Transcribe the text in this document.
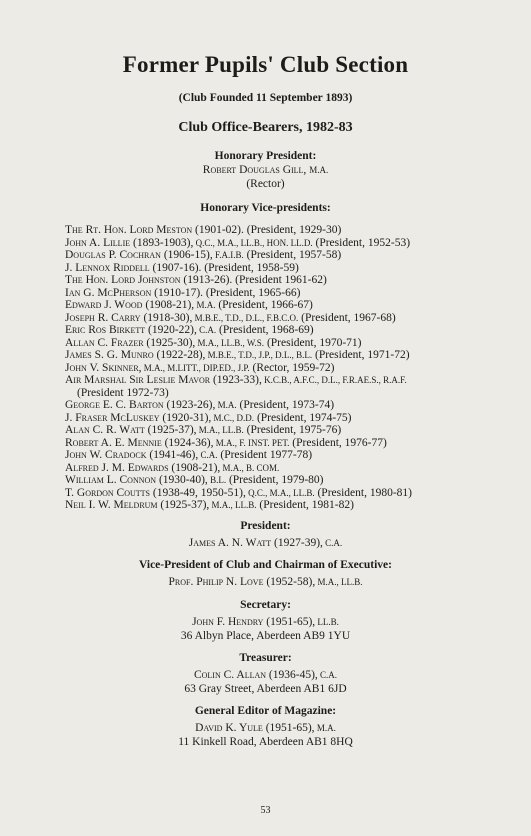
Former Pupils' Club Section
(Club Founded 11 September 1893)
Club Office-Bearers, 1982-83
Honorary President:
Robert Douglas Gill, M.A.
(Rector)
Honorary Vice-presidents:
The Rt. Hon. Lord Meston (1901-02). (President, 1929-30)
John A. Lillie (1893-1903), Q.C., M.A., LL.B., HON. LL.D. (President, 1952-53)
Douglas P. Cochran (1906-15), F.A.I.B. (President, 1957-58)
J. Lennox Riddell (1907-16). (President, 1958-59)
The Hon. Lord Johnston (1913-26). (President 1961-62)
Ian G. McPherson (1910-17). (President, 1965-66)
Edward J. Wood (1908-21), M.A. (President, 1966-67)
Joseph R. Carry (1918-30), M.B.E., T.D., D.L., F.B.C.O. (President, 1967-68)
Eric Ros Birkett (1920-22), C.A. (President, 1968-69)
Allan C. Frazer (1925-30), M.A., LL.B., W.S. (President, 1970-71)
James S. G. Munro (1922-28), M.B.E., T.D., J.P., D.L., B.L. (President, 1971-72)
John V. Skinner, M.A., M.LITT., DIP.ED., J.P. (Rector, 1959-72)
Air Marshal Sir Leslie Mavor (1923-33), K.C.B., A.F.C., D.L., F.R.AE.S., R.A.F.
(President 1972-73)
George E. C. Barton (1923-26), M.A. (President, 1973-74)
J. Fraser McLuskey (1920-31), M.C., D.D. (President, 1974-75)
Alan C. R. Watt (1925-37), M.A., LL.B. (President, 1975-76)
Robert A. E. Mennie (1924-36), M.A., F. INST. PET. (President, 1976-77)
John W. Cradock (1941-46), C.A. (President 1977-78)
Alfred J. M. Edwards (1908-21), M.A., B. COM.
William L. Connon (1930-40), B.L. (President, 1979-80)
T. Gordon Coutts (1938-49, 1950-51), Q.C., M.A., LL.B. (President, 1980-81)
Neil I. W. Meldrum (1925-37), M.A., LL.B. (President, 1981-82)
President:
James A. N. Watt (1927-39), C.A.
Vice-President of Club and Chairman of Executive:
Prof. Philip N. Love (1952-58), M.A., LL.B.
Secretary:
John F. Hendry (1951-65), LL.B.
36 Albyn Place, Aberdeen AB9 1YU
Treasurer:
Colin C. Allan (1936-45), C.A.
63 Gray Street, Aberdeen AB1 6JD
General Editor of Magazine:
David K. Yule (1951-65), M.A.
11 Kinkell Road, Aberdeen AB1 8HQ
53
